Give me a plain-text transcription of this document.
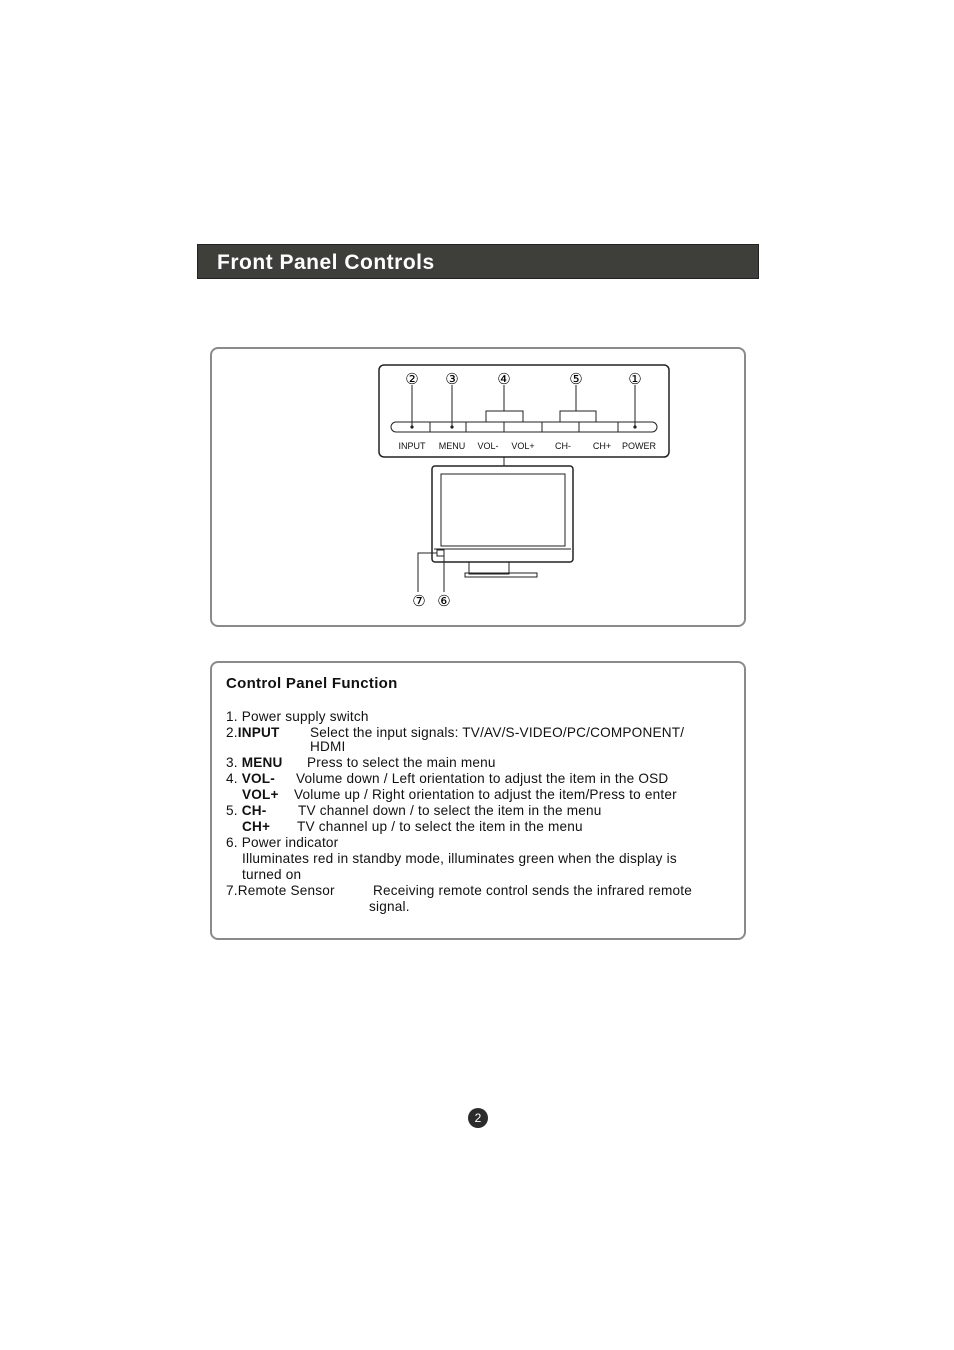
Front Panel Controls
② ③	④	⑤	①
INPUT MENU VOL- VOL+ CH- CH+ POWER
⑦ ⑥
Control Panel Function
1. Power supply switch
2.INPUT Select the input signals: TV/AV/S-VIDEO/PC/COMPONENT/
HDMI
3. MENU Press to select the main menu
4. VOL- Volume down / Left orientation to adjust the item in the OSD
VOL+ Volume up / Right orientation to adjust the item/Press to enter
5. CH- TV channel down / to select the item in the menu
CH+ TV channel up / to select the item in the menu
6. Power indicator
Illuminates red in standby mode, illuminates green when the display is
turned on
7.Remote Sensor	Receiving remote control sends the infrared remote
signal.
2
